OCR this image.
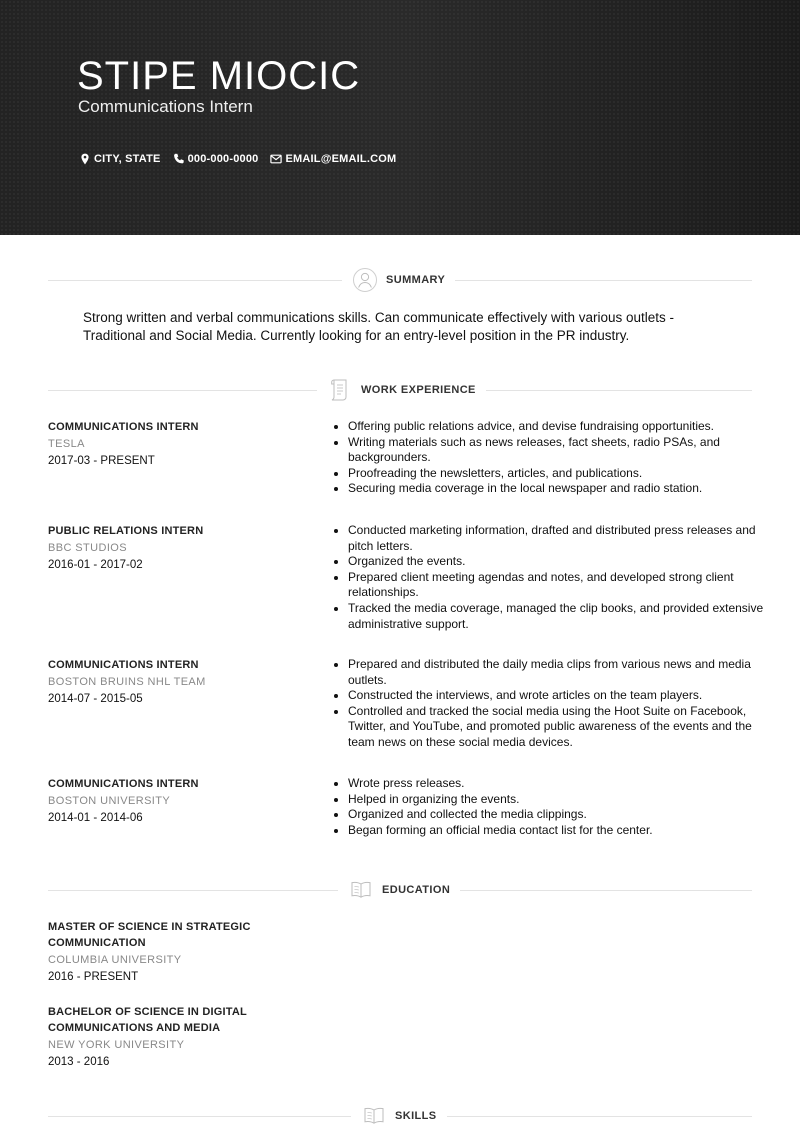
STIPE MIOCIC
Communications Intern
CITY, STATE 000-000-0000 EMAIL@EMAIL.COM
SUMMARY
Strong written and verbal communications skills. Can communicate effectively with various outlets - Traditional and Social Media. Currently looking for an entry-level position in the PR industry.
WORK EXPERIENCE
COMMUNICATIONS INTERN
TESLA
2017-03 - PRESENT
• Offering public relations advice, and devise fundraising opportunities.
• Writing materials such as news releases, fact sheets, radio PSAs, and backgrounders.
• Proofreading the newsletters, articles, and publications.
• Securing media coverage in the local newspaper and radio station.
PUBLIC RELATIONS INTERN
BBC STUDIOS
2016-01 - 2017-02
• Conducted marketing information, drafted and distributed press releases and pitch letters.
• Organized the events.
• Prepared client meeting agendas and notes, and developed strong client relationships.
• Tracked the media coverage, managed the clip books, and provided extensive administrative support.
COMMUNICATIONS INTERN
BOSTON BRUINS NHL TEAM
2014-07 - 2015-05
• Prepared and distributed the daily media clips from various news and media outlets.
• Constructed the interviews, and wrote articles on the team players.
• Controlled and tracked the social media using the Hoot Suite on Facebook, Twitter, and YouTube, and promoted public awareness of the events and the team news on these social media devices.
COMMUNICATIONS INTERN
BOSTON UNIVERSITY
2014-01 - 2014-06
• Wrote press releases.
• Helped in organizing the events.
• Organized and collected the media clippings.
• Began forming an official media contact list for the center.
EDUCATION
MASTER OF SCIENCE IN STRATEGIC COMMUNICATION
COLUMBIA UNIVERSITY
2016 - PRESENT
BACHELOR OF SCIENCE IN DIGITAL COMMUNICATIONS AND MEDIA
NEW YORK UNIVERSITY
2013 - 2016
SKILLS
